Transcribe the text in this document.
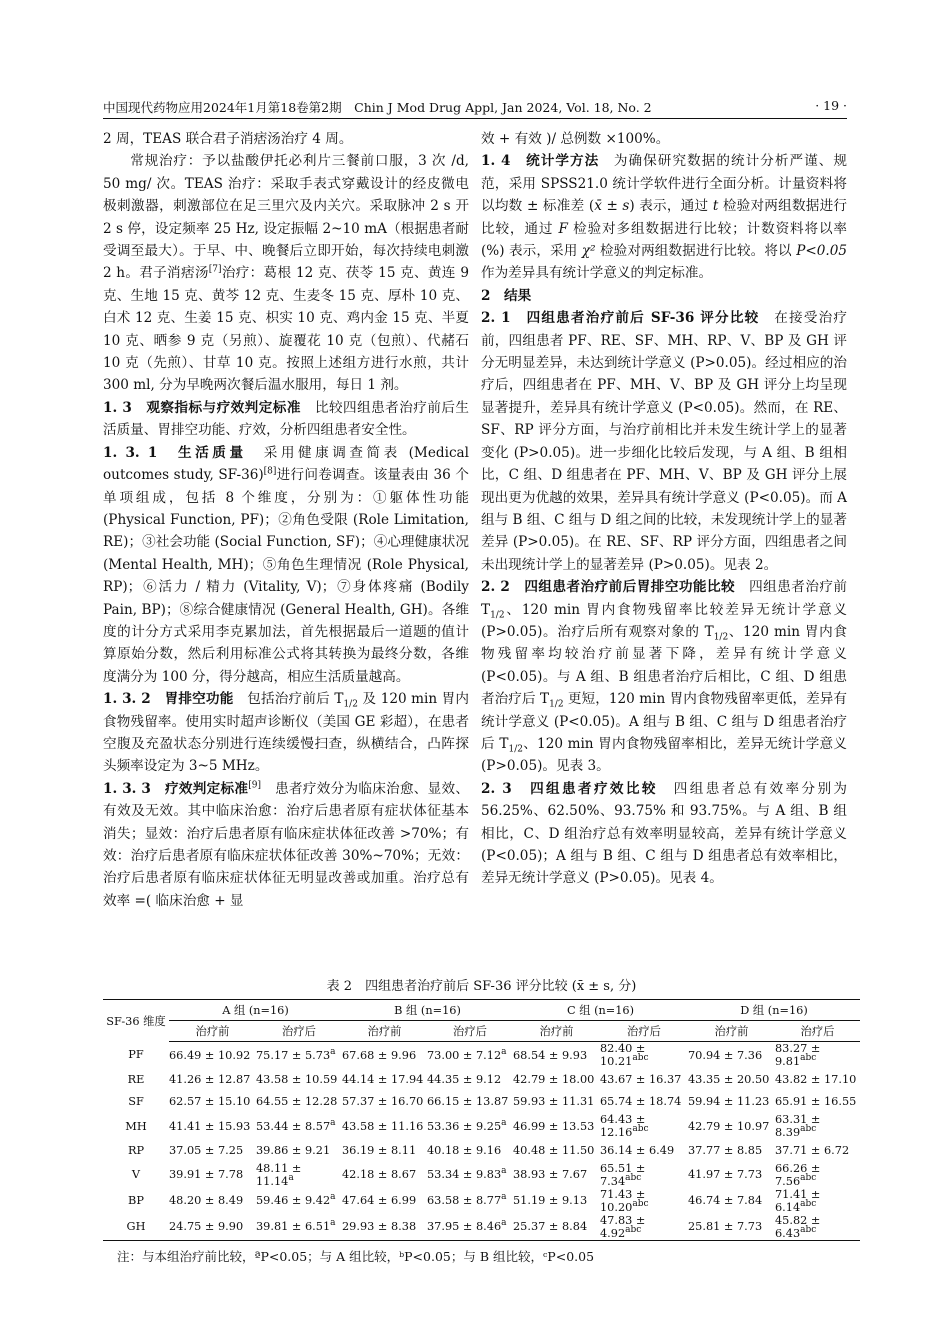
中国现代药物应用2024年1月第18卷第2期　Chin J Mod Drug Appl, Jan 2024, Vol. 18, No. 2	· 19 ·

2 周，TEAS 联合君子消痞汤治疗 4 周。

常规治疗：予以盐酸伊托必利片三餐前口服，3 次 /d, 50 mg/ 次。TEAS 治疗：采取手表式穿戴设计的经皮微电极刺激器，刺激部位在足三里穴及内关穴。采取脉冲 2 s 开 2 s 停，设定频率 25 Hz, 设定振幅 2~10 mA（根据患者耐受调至最大）。于早、中、晚餐后立即开始，每次持续电刺激 2 h。君子消痞汤[7]治疗：葛根 12 克、茯苓 15 克、黄连 9 克、生地 15 克、黄芩 12 克、生麦冬 15 克、厚朴 10 克、白术 12 克、生姜 15 克、枳实 10 克、鸡内金 15 克、半夏 10 克、晒参 9 克（另煎）、旋覆花 10 克（包煎）、代赭石 10 克（先煎）、甘草 10 克。按照上述组方进行水煎，共计 300 ml, 分为早晚两次餐后温水服用，每日 1 剂。

1. 3　观察指标与疗效判定标准　 比较四组患者治疗前后生活质量、胃排空功能、疗效，分析四组患者安全性。

1. 3. 1　生活质量　 采用健康调查简表 (Medical outcomes study, SF-36)[8]进行问卷调查。该量表由 36 个单项组成，包括 8 个维度，分别为：①躯体性功能 (Physical Function, PF)；②角色受限 (Role Limitation, RE)；③社会功能 (Social Function, SF)；④心理健康状况 (Mental Health, MH)；⑤角色生理情况 (Role Physical, RP)；⑥活力 / 精力 (Vitality, V)；⑦身体疼痛 (Bodily Pain, BP)；⑧综合健康情况 (General Health, GH)。各维度的计分方式采用李克累加法，首先根据最后一道题的值计算原始分数，然后利用标准公式将其转换为最终分数，各维度满分为 100 分，得分越高，相应生活质量越高。

1. 3. 2　胃排空功能　 包括治疗前后 $T_{1/2}$ 及 120 min 胃内食物残留率。使用实时超声诊断仪（美国 GE 彩超），在患者空腹及充盈状态分别进行连续缓慢扫查，纵横结合，凸阵探头频率设定为 3~5 MHz。

1. 3. 3　疗效判定标准[9]　 患者疗效分为临床治愈、显效、有效及无效。其中临床治愈：治疗后患者原有症状体征基本消失；显效：治疗后患者原有临床症状体征改善 >70%；有效：治疗后患者原有临床症状体征改善 30%~70%；无效：治疗后患者原有临床症状体征无明显改善或加重。治疗总有效率 =( 临床治愈 + 显

效 + 有效 )/ 总例数 ×100%。

1. 4　统计学方法　 为确保研究数据的统计分析严谨、规范，采用 SPSS21.0 统计学软件进行全面分析。计量资料将以均数 ± 标准差 (x̄ ± s) 表示，通过 t 检验对两组数据进行比较，通过 F 检验对多组数据进行比较；计数资料将以率 (%) 表示，采用 χ² 检验对两组数据进行比较。将以 P<0.05 作为差异具有统计学意义的判定标准。

2　结果

2. 1　四组患者治疗前后 SF-36 评分比较　 在接受治疗前，四组患者 PF、RE、SF、MH、RP、V、BP 及 GH 评分无明显差异，未达到统计学意义 (P>0.05)。经过相应的治疗后，四组患者在 PF、MH、V、BP 及 GH 评分上均呈现显著提升，差异具有统计学意义 (P<0.05)。然而，在 RE、SF、RP 评分方面，与治疗前相比并未发生统计学上的显著变化 (P>0.05)。进一步细化比较后发现，与 A 组、B 组相比，C 组、D 组患者在 PF、MH、V、BP 及 GH 评分上展现出更为优越的效果，差异具有统计学意义 (P<0.05)。而 A 组与 B 组、C 组与 D 组之间的比较，未发现统计学上的显著差异 (P>0.05)。在 RE、SF、RP 评分方面，四组患者之间未出现统计学上的显著差异 (P>0.05)。见表 2。

2. 2　四组患者治疗前后胃排空功能比较　 四组患者治疗前 $T_{1/2}$、120 min 胃内食物残留率比较差异无统计学意义 (P>0.05)。治疗后所有观察对象的 $T_{1/2}$、120 min 胃内食物残留率均较治疗前显著下降，差异有统计学意义 (P<0.05)。与 A 组、B 组患者治疗后相比，C 组、D 组患者治疗后 $T_{1/2}$ 更短，120 min 胃内食物残留率更低，差异有统计学意义 (P<0.05)。A 组与 B 组、C 组与 D 组患者治疗后 $T_{1/2}$、120 min 胃内食物残留率相比，差异无统计学意义 (P>0.05)。见表 3。

2. 3　四组患者疗效比较　 四组患者总有效率分别为 56.25%、62.50%、93.75% 和 93.75%。与 A 组、B 组相比，C、D 组治疗总有效率明显较高，差异有统计学意义 (P<0.05)；A 组与 B 组、C 组与 D 组患者总有效率相比，差异无统计学意义 (P>0.05)。见表 4。

表 2　四组患者治疗前后 SF-36 评分比较 (x̄ ± s, 分)
SF-36 维度	A 组 (n=16)		B 组 (n=16)		C 组 (n=16)		D 组 (n=16)	
	治疗前	治疗后	治疗前	治疗后	治疗前	治疗后	治疗前	治疗后
PF	66.49 ± 10.92	75.17 ± 5.73$^a$	67.68 ± 9.96	73.00 ± 7.12$^a$	68.54 ± 9.93	82.40 ± 10.21$^{abc}$	70.94 ± 7.36	83.27 ± 9.81$^{abc}$
RE	41.26 ± 12.87	43.58 ± 10.59	44.14 ± 17.94	44.35 ± 9.12	42.79 ± 18.00	43.67 ± 16.37	43.35 ± 20.50	43.82 ± 17.10
SF	62.57 ± 15.10	64.55 ± 12.28	57.37 ± 16.70	66.15 ± 13.87	59.93 ± 11.31	65.74 ± 18.74	59.94 ± 11.23	65.91 ± 16.55
MH	41.41 ± 15.93	53.44 ± 8.57$^a$	43.58 ± 11.16	53.36 ± 9.25$^a$	46.99 ± 13.53	64.43 ± 12.16$^{abc}$	42.79 ± 10.97	63.31 ± 8.39$^{abc}$
RP	37.05 ± 7.25	39.86 ± 9.21	36.19 ± 8.11	40.18 ± 9.16	40.48 ± 11.50	36.14 ± 6.49	37.77 ± 8.85	37.71 ± 6.72
V	39.91 ± 7.78	48.11 ± 11.14$^a$	42.18 ± 8.67	53.34 ± 9.83$^a$	38.93 ± 7.67	65.51 ± 7.34$^{abc}$	41.97 ± 7.73	66.26 ± 7.56$^{abc}$
BP	48.20 ± 8.49	59.46 ± 9.42$^a$	47.64 ± 6.99	63.58 ± 8.77$^a$	51.19 ± 9.13	71.43 ± 10.20$^{abc}$	46.74 ± 7.84	71.41 ± 6.14$^{abc}$
GH	24.75 ± 9.90	39.81 ± 6.51$^a$	29.93 ± 8.38	37.95 ± 8.46$^a$	25.37 ± 8.84	47.83 ± 4.92$^{abc}$	25.81 ± 7.73	45.82 ± 6.43$^{abc}$
注：与本组治疗前比较，ªP<0.05；与 A 组比较，ᵇP<0.05；与 B 组比较，ᶜP<0.05
